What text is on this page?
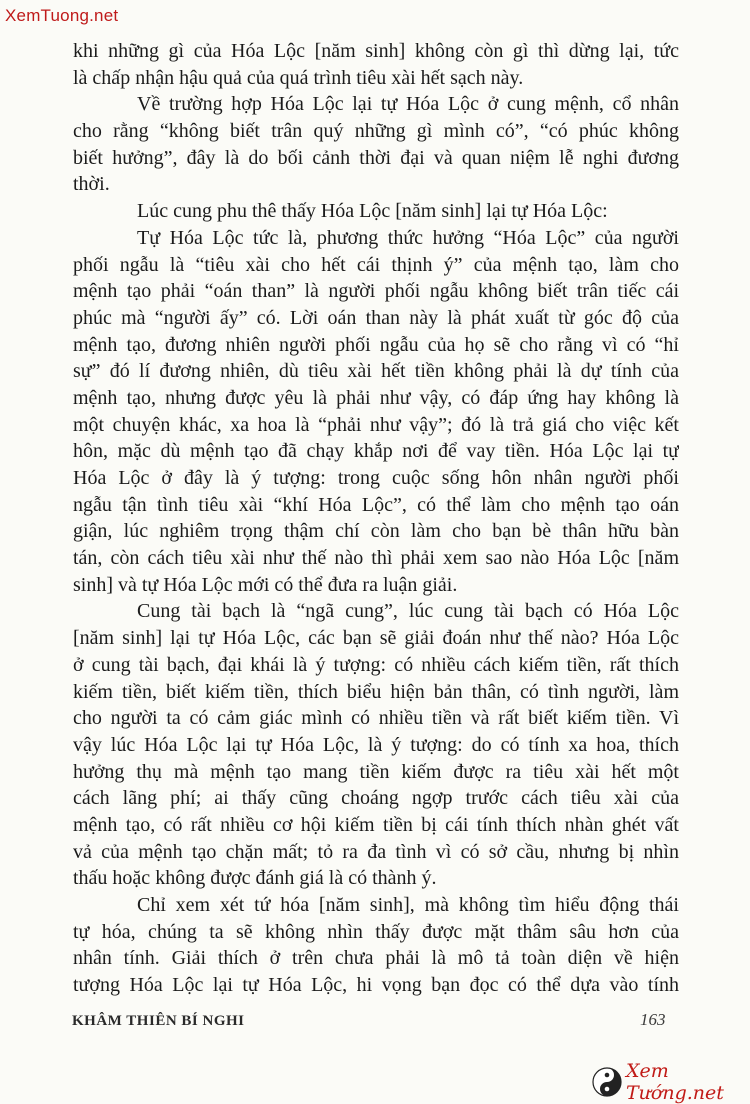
XemTuong.net
khi những gì của Hóa Lộc [năm sinh] không còn gì thì dừng lại, tức
là chấp nhận hậu quả của quá trình tiêu xài hết sạch này.
Về trường hợp Hóa Lộc lại tự Hóa Lộc ở cung mệnh, cổ nhân
cho rằng “không biết trân quý những gì mình có”, “có phúc không
biết hưởng”, đây là do bối cảnh thời đại và quan niệm lễ nghi đương
thời.
Lúc cung phu thê thấy Hóa Lộc [năm sinh] lại tự Hóa Lộc:
Tự Hóa Lộc tức là, phương thức hưởng “Hóa Lộc” của người
phối ngẫu là “tiêu xài cho hết cái thịnh ý” của mệnh tạo, làm cho
mệnh tạo phải “oán than” là người phối ngẫu không biết trân tiếc cái
phúc mà “người ấy” có. Lời oán than này là phát xuất từ góc độ của
mệnh tạo, đương nhiên người phối ngẫu của họ sẽ cho rằng vì có “hỉ
sự” đó lí đương nhiên, dù tiêu xài hết tiền không phải là dự tính của
mệnh tạo, nhưng được yêu là phải như vậy, có đáp ứng hay không là
một chuyện khác, xa hoa là “phải như vậy”; đó là trả giá cho việc kết
hôn, mặc dù mệnh tạo đã chạy khắp nơi để vay tiền. Hóa Lộc lại tự
Hóa Lộc ở đây là ý tượng: trong cuộc sống hôn nhân người phối
ngẫu tận tình tiêu xài “khí Hóa Lộc”, có thể làm cho mệnh tạo oán
giận, lúc nghiêm trọng thậm chí còn làm cho bạn bè thân hữu bàn
tán, còn cách tiêu xài như thế nào thì phải xem sao nào Hóa Lộc [năm
sinh] và tự Hóa Lộc mới có thể đưa ra luận giải.
Cung tài bạch là “ngã cung”, lúc cung tài bạch có Hóa Lộc
[năm sinh] lại tự Hóa Lộc, các bạn sẽ giải đoán như thế nào? Hóa Lộc
ở cung tài bạch, đại khái là ý tượng: có nhiều cách kiếm tiền, rất thích
kiếm tiền, biết kiếm tiền, thích biểu hiện bản thân, có tình người, làm
cho người ta có cảm giác mình có nhiều tiền và rất biết kiếm tiền. Vì
vậy lúc Hóa Lộc lại tự Hóa Lộc, là ý tượng: do có tính xa hoa, thích
hưởng thụ mà mệnh tạo mang tiền kiếm được ra tiêu xài hết một
cách lãng phí; ai thấy cũng choáng ngợp trước cách tiêu xài của
mệnh tạo, có rất nhiều cơ hội kiếm tiền bị cái tính thích nhàn ghét vất
vả của mệnh tạo chặn mất; tỏ ra đa tình vì có sở cầu, nhưng bị nhìn
thấu hoặc không được đánh giá là có thành ý.
Chỉ xem xét tứ hóa [năm sinh], mà không tìm hiểu động thái
tự hóa, chúng ta sẽ không nhìn thấy được mặt thâm sâu hơn của
nhân tính. Giải thích ở trên chưa phải là mô tả toàn diện về hiện
tượng Hóa Lộc lại tự Hóa Lộc, hi vọng bạn đọc có thể dựa vào tính
KHÂM THIÊN BÍ NGHI	163
Xem Tướng.net
